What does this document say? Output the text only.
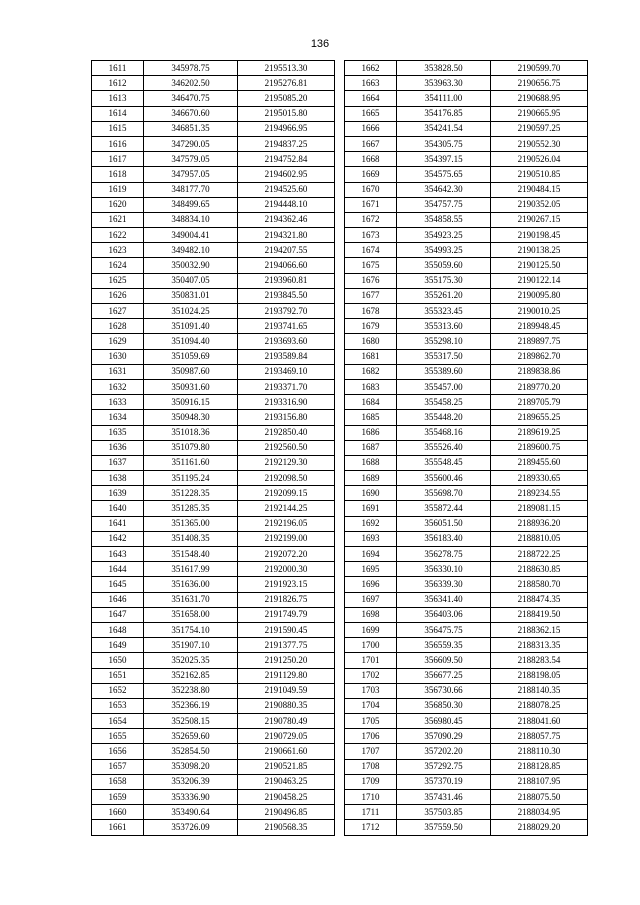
136
1611	345978.75	2195513.30
1612	346202.50	2195276.81
1613	346470.75	2195085.20
1614	346670.60	2195015.80
1615	346851.35	2194966.95
1616	347290.05	2194837.25
1617	347579.05	2194752.84
1618	347957.05	2194602.95
1619	348177.70	2194525.60
1620	348499.65	2194448.10
1621	348834.10	2194362.46
1622	349004.41	2194321.80
1623	349482.10	2194207.55
1624	350032.90	2194066.60
1625	350407.05	2193960.81
1626	350831.01	2193845.50
1627	351024.25	2193792.70
1628	351091.40	2193741.65
1629	351094.40	2193693.60
1630	351059.69	2193589.84
1631	350987.60	2193469.10
1632	350931.60	2193371.70
1633	350916.15	2193316.90
1634	350948.30	2193156.80
1635	351018.36	2192850.40
1636	351079.80	2192560.50
1637	351161.60	2192129.30
1638	351195.24	2192098.50
1639	351228.35	2192099.15
1640	351285.35	2192144.25
1641	351365.00	2192196.05
1642	351408.35	2192199.00
1643	351548.40	2192072.20
1644	351617.99	2192000.30
1645	351636.00	2191923.15
1646	351631.70	2191826.75
1647	351658.00	2191749.79
1648	351754.10	2191590.45
1649	351907.10	2191377.75
1650	352025.35	2191250.20
1651	352162.85	2191129.80
1652	352238.80	2191049.59
1653	352366.19	2190880.35
1654	352508.15	2190780.49
1655	352659.60	2190729.05
1656	352854.50	2190661.60
1657	353098.20	2190521.85
1658	353206.39	2190463.25
1659	353336.90	2190458.25
1660	353490.64	2190496.85
1661	353726.09	2190568.35
1662	353828.50	2190599.70
1663	353963.30	2190656.75
1664	354111.00	2190688.95
1665	354176.85	2190665.95
1666	354241.54	2190597.25
1667	354305.75	2190552.30
1668	354397.15	2190526.04
1669	354575.65	2190510.85
1670	354642.30	2190484.15
1671	354757.75	2190352.05
1672	354858.55	2190267.15
1673	354923.25	2190198.45
1674	354993.25	2190138.25
1675	355059.60	2190125.50
1676	355175.30	2190122.14
1677	355261.20	2190095.80
1678	355323.45	2190010.25
1679	355313.60	2189948.45
1680	355298.10	2189897.75
1681	355317.50	2189862.70
1682	355389.60	2189838.86
1683	355457.00	2189770.20
1684	355458.25	2189705.79
1685	355448.20	2189655.25
1686	355468.16	2189619.25
1687	355526.40	2189600.75
1688	355548.45	2189455.60
1689	355600.46	2189330.65
1690	355698.70	2189234.55
1691	355872.44	2189081.15
1692	356051.50	2188936.20
1693	356183.40	2188810.05
1694	356278.75	2188722.25
1695	356330.10	2188630.85
1696	356339.30	2188580.70
1697	356341.40	2188474.35
1698	356403.06	2188419.50
1699	356475.75	2188362.15
1700	356559.35	2188313.35
1701	356609.50	2188283.54
1702	356677.25	2188198.05
1703	356730.66	2188140.35
1704	356850.30	2188078.25
1705	356980.45	2188041.60
1706	357090.29	2188057.75
1707	357202.20	2188110.30
1708	357292.75	2188128.85
1709	357370.19	2188107.95
1710	357431.46	2188075.50
1711	357503.85	2188034.95
1712	357559.50	2188029.20
